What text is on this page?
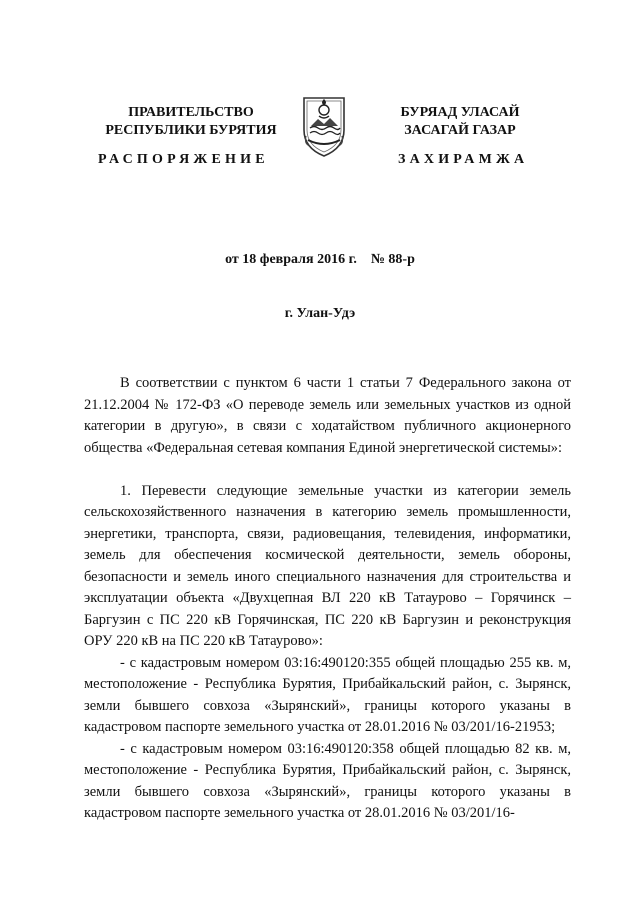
ПРАВИТЕЛЬСТВО
РЕСПУБЛИКИ БУРЯТИЯ
БУРЯАД УЛАСАЙ
ЗАСАГАЙ ГАЗАР
РАСПОРЯЖЕНИЕ	ЗАХИРАМЖА
от 18 февраля 2016 г.    № 88-р
г. Улан-Удэ

В соответствии с пунктом 6 части 1 статьи 7 Федерального закона от 21.12.2004 № 172-ФЗ «О переводе земель или земельных участков из одной категории в другую», в связи с ходатайством публичного акционерного общества «Федеральная сетевая компания Единой энергетической системы»:

1. Перевести следующие земельные участки из категории земель сельскохозяйственного назначения в категорию земель промышленности, энергетики, транспорта, связи, радиовещания, телевидения, информатики, земель для обеспечения космической деятельности, земель обороны, безопасности и земель иного специального назначения для строительства и эксплуатации объекта «Двухцепная ВЛ 220 кВ Татаурово – Горячинск – Баргузин с ПС 220 кВ Горячинская, ПС 220 кВ Баргузин и реконструкция ОРУ 220 кВ на ПС 220 кВ Татаурово»:

- с кадастровым номером 03:16:490120:355 общей площадью 255 кв. м, местоположение - Республика Бурятия, Прибайкальский район, с. Зырянск, земли бывшего совхоза «Зырянский», границы которого указаны в кадастровом паспорте земельного участка от 28.01.2016 № 03/201/16-21953;

- с кадастровым номером 03:16:490120:358 общей площадью 82 кв. м, местоположение - Республика Бурятия, Прибайкальский район, с. Зырянск, земли бывшего совхоза «Зырянский», границы которого указаны в кадастровом паспорте земельного участка от 28.01.2016 № 03/201/16-
